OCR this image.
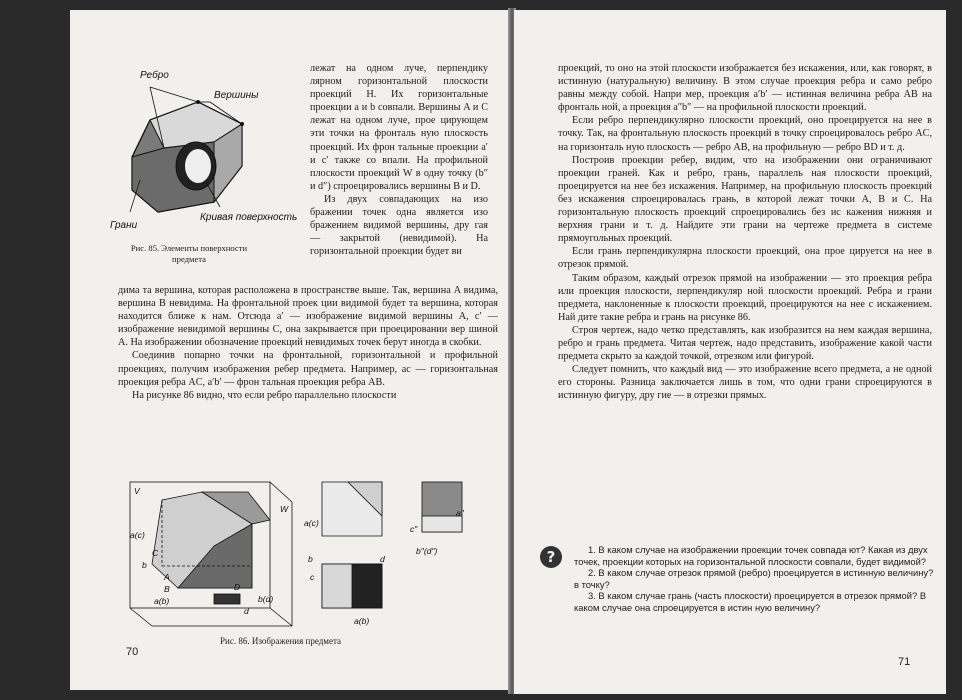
Ребро
Вершины
Кривая поверхность
Грани
Рис. 85. Элементы поверхности предмета

лежат на одном луче, перпендику лярном горизонтальной плоскости проекций H. Их горизонтальные проекции a и b совпали. Вершины A и C лежат на одном луче, прое цирующем эти точки на фронталь ную плоскость проекций. Их фрон тальные проекции a′ и c′ также со впали. На профильной плоскости проекций W в одну точку (b″ и d″) спроецировались вершины B и D.

Из двух совпадающих на изо бражении точек одна является изо бражением видимой вершины, дру гая — закрытой (невидимой). На горизонтальной проекции будет ви

дима та вершина, которая расположена в пространстве выше. Так, вершина A видима, вершина B невидима. На фронтальной проек ции видимой будет та вершина, которая находится ближе к нам. Отсюда a′ — изображение видимой вершины A, c′ — изображение невидимой вершины C, она закрывается при проецировании вер шиной A. На изображении обозначение проекций невидимых точек берут иногда в скобки.

Соединив попарно точки на фронтальной, горизонтальной и профильной проекциях, получим изображения ребер предмета. Например, ac — горизонтальная проекция ребра AC, a′b′ — фрон тальная проекция ребра AB.

На рисунке 86 видно, что если ребро параллельно плоскости

V
W
a(c)
A
B
C
D
b
d
b(d)
a(b)
a(c)
b	d
c
a(b)
c″
a″
b″(d″)
Рис. 86. Изображения предмета
70

проекций, то оно на этой плоскости изображается без искажения, или, как говорят, в истинную (натуральную) величину. В этом случае проекция ребра и само ребро равны между собой. Напри мер, проекция a′b′ — истинная величина ребра AB на фронталь ной, а проекция a″b″ — на профильной плоскости проекций.

Если ребро перпендикулярно плоскости проекций, оно проецируется на нее в точку. Так, на фронтальную плоскость проекций в точку спроецировалось ребро AC, на горизонталь ную плоскость — ребро AB, на профильную — ребро BD и т. д.

Построив проекции ребер, видим, что на изображении они ограничивают проекции граней. Как и ребро, грань, параллель ная плоскости проекций, проецируется на нее без искажения. Например, на профильную плоскость проекций без искажения спроецировалась грань, в которой лежат точки A, B и C. На горизонтальную плоскость проекций спроецировались без ис кажения нижняя и верхняя грани и т. д. Найдите эти грани на чертеже предмета в системе прямоугольных проекций.

Если грань перпендикулярна плоскости проекций, она прое цируется на нее в отрезок прямой.

Таким образом, каждый отрезок прямой на изображении — это проекция ребра или проекция плоскости, перпендикуляр ной плоскости проекций. Ребра и грани предмета, наклоненные к плоскости проекций, проецируются на нее с искажением. Най дите такие ребра и грань на рисунке 86.

Строя чертеж, надо четко представлять, как изобразится на нем каждая вершина, ребро и грань предмета. Читая чертеж, надо представить, изображение какой части предмета скрыто за каждой точкой, отрезком или фигурой.

Следует помнить, что каждый вид — это изображение всего предмета, а не одной его стороны. Разница заключается лишь в том, что одни грани спроецируются в истинную фигуру, дру гие — в отрезки прямых.

?	1. В каком случае на изображении проекции точек совпада ют? Какая из двух точек, проекции которых на горизонтальной плоскости совпали, будет видимой?

2. В каком случае отрезок прямой (ребро) проецируется в истинную величину? в точку?

3. В каком случае грань (часть плоскости) проецируется в отрезок прямой? В каком случае она спроецируется в истин ную величину?

71
